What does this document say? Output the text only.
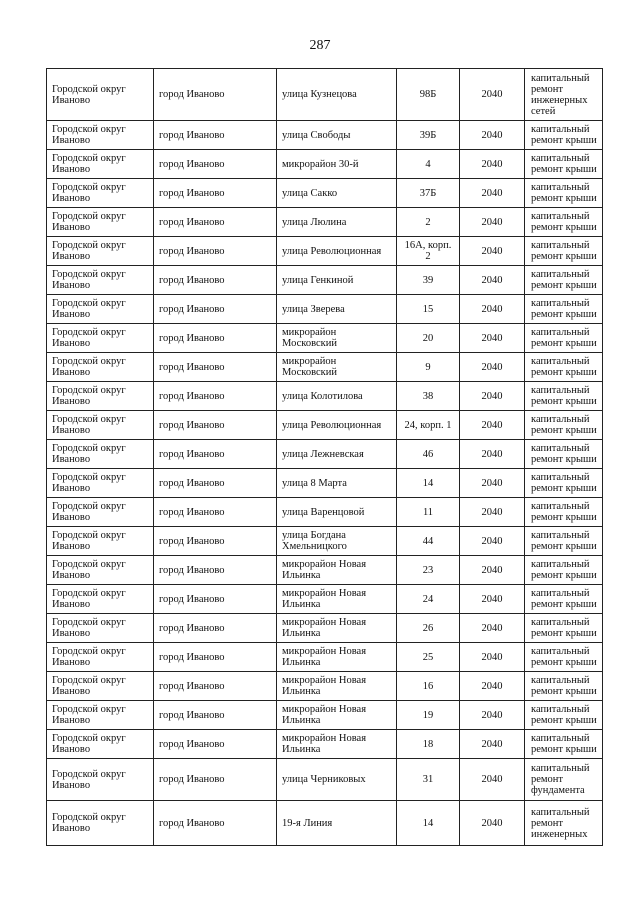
287
Городской округ Иваново	город Иваново	улица Кузнецова	98Б	2040	капитальный ремонт инженерных сетей
Городской округ Иваново	город Иваново	улица Свободы	39Б	2040	капитальный ремонт крыши
Городской округ Иваново	город Иваново	микрорайон 30-й	4	2040	капитальный ремонт крыши
Городской округ Иваново	город Иваново	улица Сакко	37Б	2040	капитальный ремонт крыши
Городской округ Иваново	город Иваново	улица Люлина	2	2040	капитальный ремонт крыши
Городской округ Иваново	город Иваново	улица Революционная	16А, корп. 2	2040	капитальный ремонт крыши
Городской округ Иваново	город Иваново	улица Генкиной	39	2040	капитальный ремонт крыши
Городской округ Иваново	город Иваново	улица Зверева	15	2040	капитальный ремонт крыши
Городской округ Иваново	город Иваново	микрорайон Московский	20	2040	капитальный ремонт крыши
Городской округ Иваново	город Иваново	микрорайон Московский	9	2040	капитальный ремонт крыши
Городской округ Иваново	город Иваново	улица Колотилова	38	2040	капитальный ремонт крыши
Городской округ Иваново	город Иваново	улица Революционная	24, корп. 1	2040	капитальный ремонт крыши
Городской округ Иваново	город Иваново	улица Лежневская	46	2040	капитальный ремонт крыши
Городской округ Иваново	город Иваново	улица 8 Марта	14	2040	капитальный ремонт крыши
Городской округ Иваново	город Иваново	улица Варенцовой	11	2040	капитальный ремонт крыши
Городской округ Иваново	город Иваново	улица Богдана Хмельницкого	44	2040	капитальный ремонт крыши
Городской округ Иваново	город Иваново	микрорайон Новая Ильинка	23	2040	капитальный ремонт крыши
Городской округ Иваново	город Иваново	микрорайон Новая Ильинка	24	2040	капитальный ремонт крыши
Городской округ Иваново	город Иваново	микрорайон Новая Ильинка	26	2040	капитальный ремонт крыши
Городской округ Иваново	город Иваново	микрорайон Новая Ильинка	25	2040	капитальный ремонт крыши
Городской округ Иваново	город Иваново	микрорайон Новая Ильинка	16	2040	капитальный ремонт крыши
Городской округ Иваново	город Иваново	микрорайон Новая Ильинка	19	2040	капитальный ремонт крыши
Городской округ Иваново	город Иваново	микрорайон Новая Ильинка	18	2040	капитальный ремонт крыши
Городской округ Иваново	город Иваново	улица Черниковых	31	2040	капитальный ремонт фундамента
Городской округ Иваново	город Иваново	19-я Линия	14	2040	капитальный ремонт инженерных
